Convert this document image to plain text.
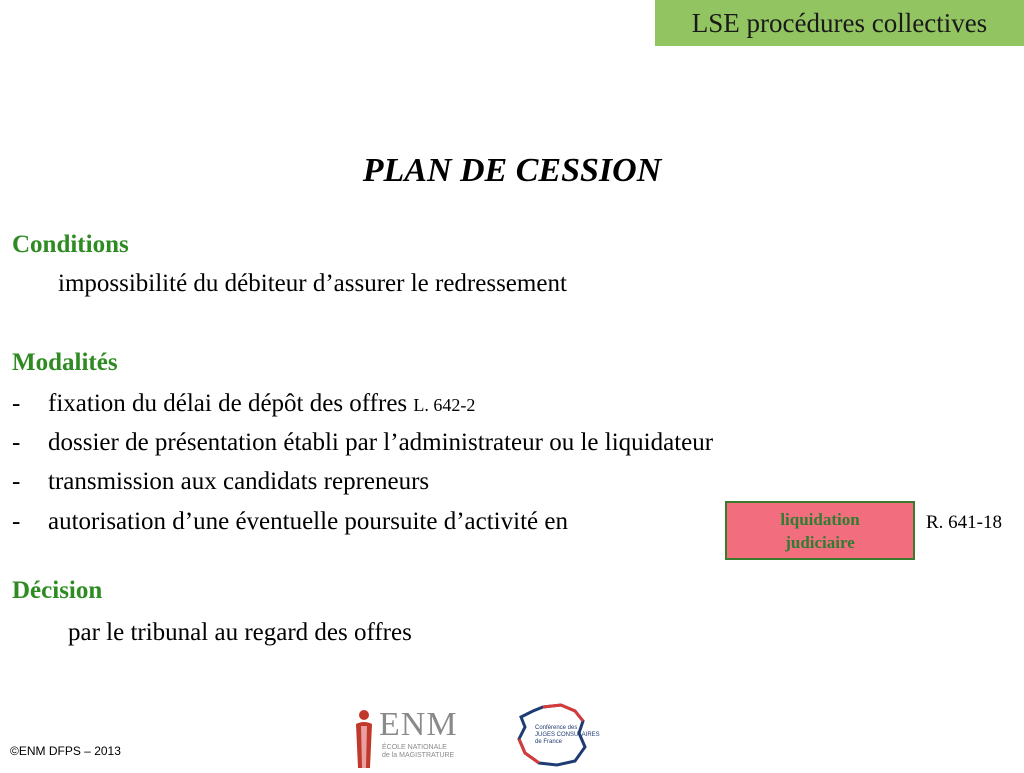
LSE procédures collectives
PLAN DE CESSION
Conditions
impossibilité du débiteur d’assurer le redressement
Modalités
- fixation du délai de dépôt des offres L. 642-2
- dossier de présentation établi par l’administrateur ou le liquidateur
- transmission aux candidats repreneurs
- autorisation d’une éventuelle poursuite d’activité en	liquidation
judiciaire
R. 641-18
Décision
par le tribunal au regard des offres
©ENM DFPS – 2013
ENM
ÉCOLE NATIONALE
de la MAGISTRATURE
Conférence des
JUGES CONSULAIRES
de France
